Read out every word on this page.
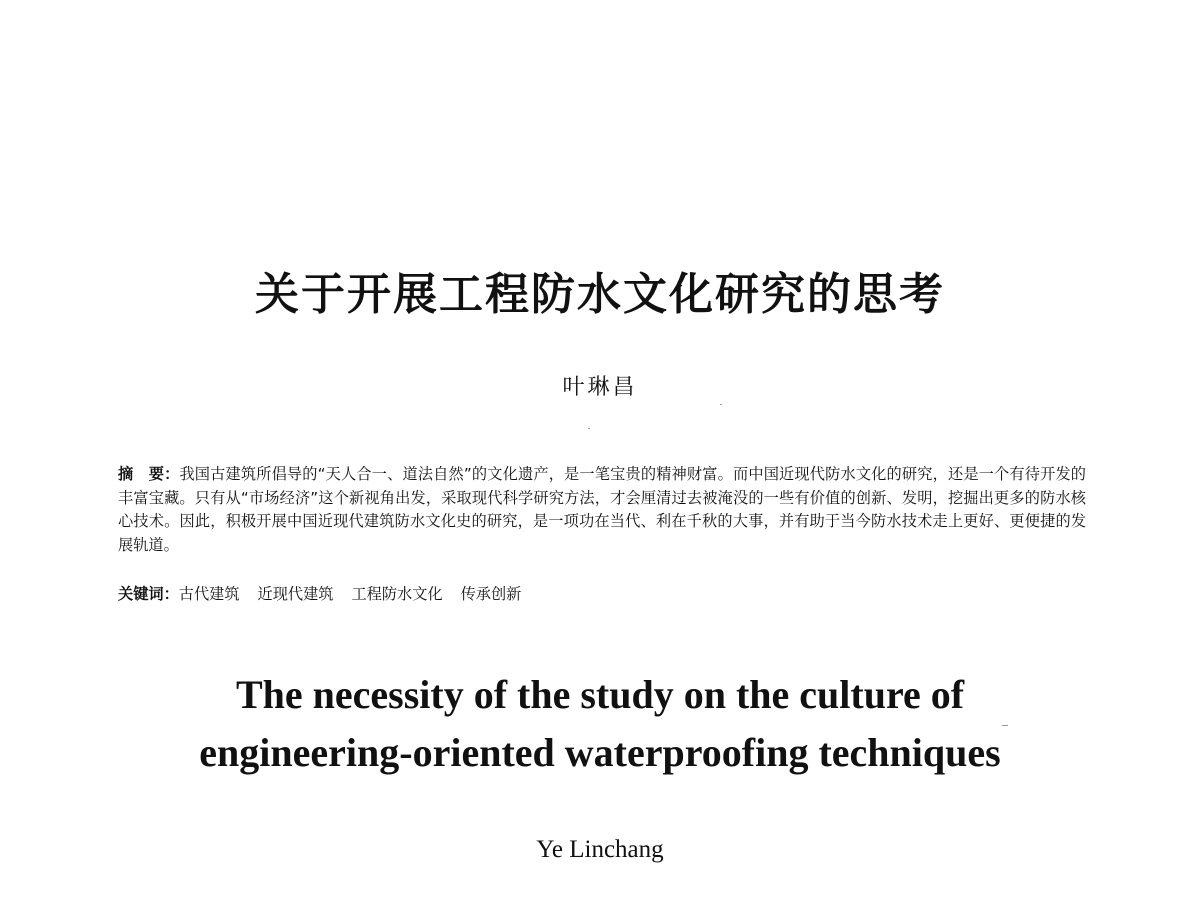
关于开展工程防水文化研究的思考
叶琳昌
摘　要：我国古建筑所倡导的“天人合一、道法自然”的文化遗产，是一笔宝贵的精神财富。而中国近现代防水文化的研究，还是一个有待开发的丰富宝藏。只有从“市场经济”这个新视角出发，采取现代科学研究方法，才会厘清过去被淹没的一些有价值的创新、发明，挖掘出更多的防水核心技术。因此，积极开展中国近现代建筑防水文化史的研究，是一项功在当代、利在千秋的大事，并有助于当今防水技术走上更好、更便捷的发展轨道。
关键词：古代建筑 近现代建筑 工程防水文化 传承创新
The necessity of the study on the culture of
engineering-oriented waterproofing techniques
Ye Linchang
